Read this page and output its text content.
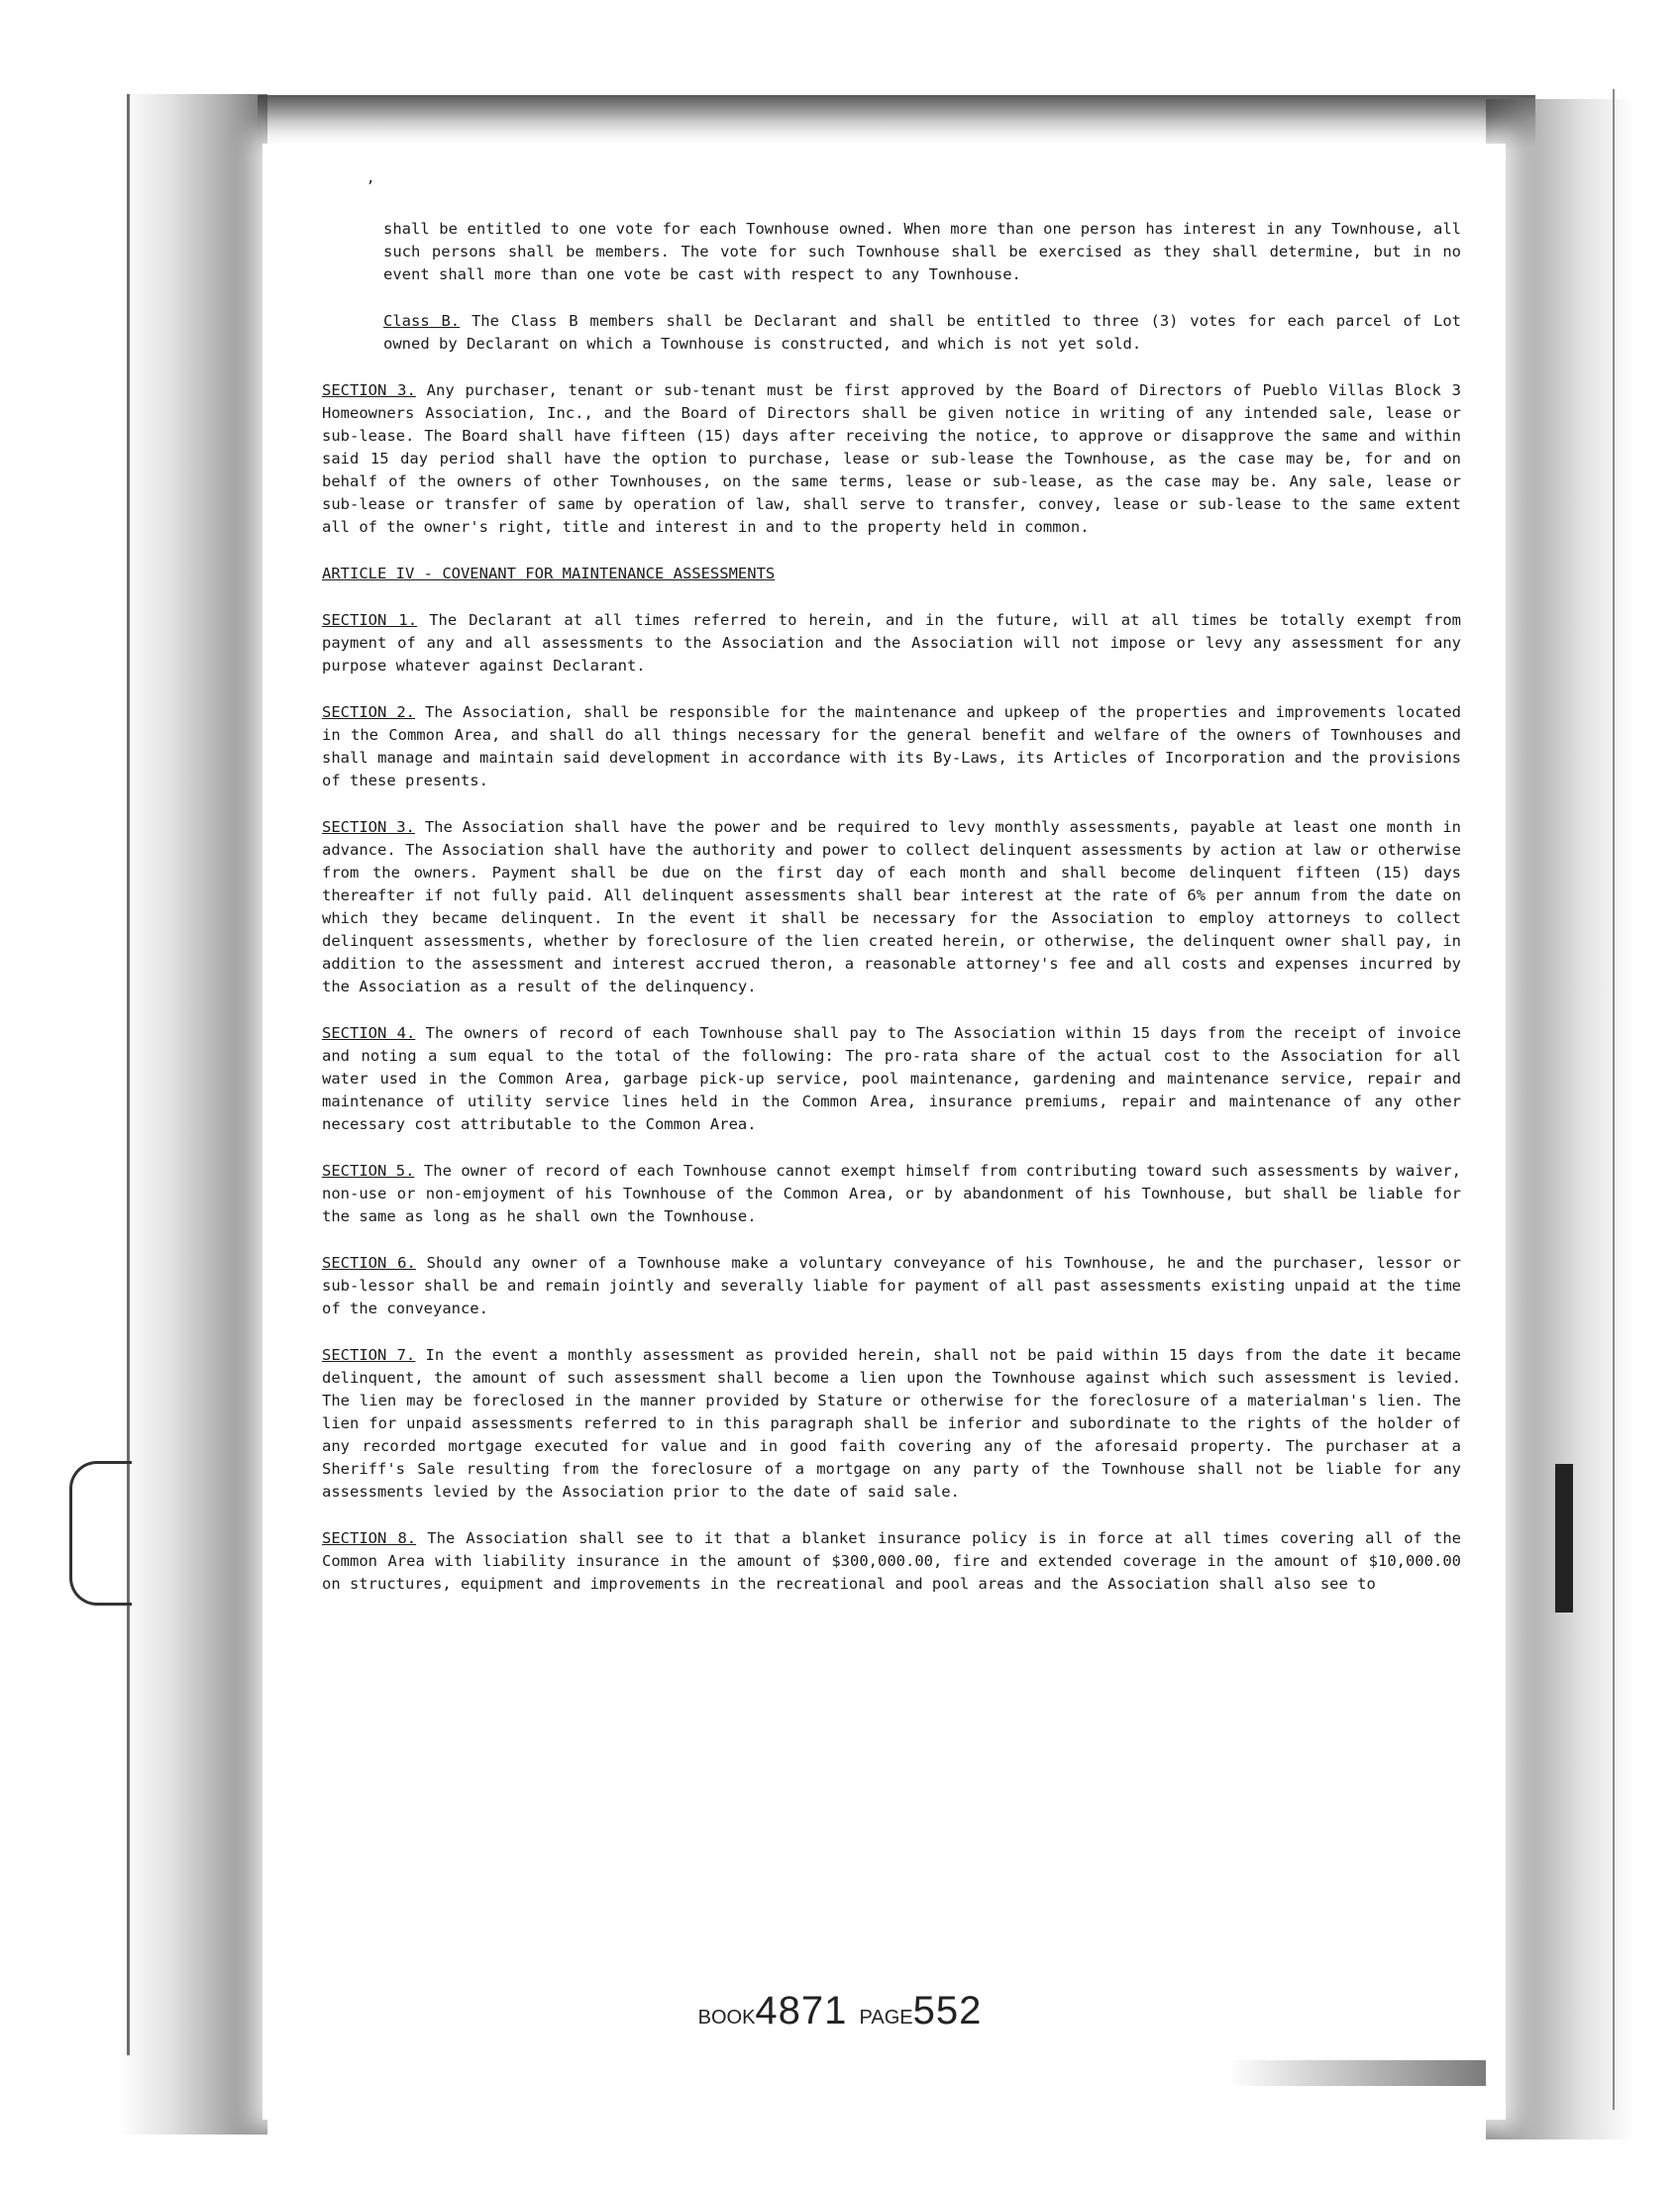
,

shall be entitled to one vote for each Townhouse owned. When more than one person has interest in any Townhouse, all such persons shall be members. The vote for such Townhouse shall be exercised as they shall determine, but in no event shall more than one vote be cast with respect to any Townhouse.

Class B. The Class B members shall be Declarant and shall be entitled to three (3) votes for each parcel of Lot owned by Declarant on which a Townhouse is constructed, and which is not yet sold.

SECTION 3. Any purchaser, tenant or sub-tenant must be first approved by the Board of Directors of Pueblo Villas Block 3 Homeowners Association, Inc., and the Board of Directors shall be given notice in writing of any intended sale, lease or sub-lease. The Board shall have fifteen (15) days after receiving the notice, to approve or disapprove the same and within said 15 day period shall have the option to purchase, lease or sub-lease the Townhouse, as the case may be, for and on behalf of the owners of other Townhouses, on the same terms, lease or sub-lease, as the case may be. Any sale, lease or sub-lease or transfer of same by operation of law, shall serve to transfer, convey, lease or sub-lease to the same extent all of the owner's right, title and interest in and to the property held in common.

ARTICLE IV - COVENANT FOR MAINTENANCE ASSESSMENTS

SECTION 1. The Declarant at all times referred to herein, and in the future, will at all times be totally exempt from payment of any and all assessments to the Association and the Association will not impose or levy any assessment for any purpose whatever against Declarant.

SECTION 2. The Association, shall be responsible for the maintenance and upkeep of the properties and improvements located in the Common Area, and shall do all things necessary for the general benefit and welfare of the owners of Townhouses and shall manage and maintain said development in accordance with its By-Laws, its Articles of Incorporation and the provisions of these presents.

SECTION 3. The Association shall have the power and be required to levy monthly assessments, payable at least one month in advance. The Association shall have the authority and power to collect delinquent assessments by action at law or otherwise from the owners. Payment shall be due on the first day of each month and shall become delinquent fifteen (15) days thereafter if not fully paid. All delinquent assessments shall bear interest at the rate of 6% per annum from the date on which they became delinquent. In the event it shall be necessary for the Association to employ attorneys to collect delinquent assessments, whether by foreclosure of the lien created herein, or otherwise, the delinquent owner shall pay, in addition to the assessment and interest accrued theron, a reasonable attorney's fee and all costs and expenses incurred by the Association as a result of the delinquency.

SECTION 4. The owners of record of each Townhouse shall pay to The Association within 15 days from the receipt of invoice and noting a sum equal to the total of the following: The pro-rata share of the actual cost to the Association for all water used in the Common Area, garbage pick-up service, pool maintenance, gardening and maintenance service, repair and maintenance of utility service lines held in the Common Area, insurance premiums, repair and maintenance of any other necessary cost attributable to the Common Area.

SECTION 5. The owner of record of each Townhouse cannot exempt himself from contributing toward such assessments by waiver, non-use or non-emjoyment of his Townhouse of the Common Area, or by abandonment of his Townhouse, but shall be liable for the same as long as he shall own the Townhouse.

SECTION 6. Should any owner of a Townhouse make a voluntary conveyance of his Townhouse, he and the purchaser, lessor or sub-lessor shall be and remain jointly and severally liable for payment of all past assessments existing unpaid at the time of the conveyance.

SECTION 7. In the event a monthly assessment as provided herein, shall not be paid within 15 days from the date it became delinquent, the amount of such assessment shall become a lien upon the Townhouse against which such assessment is levied. The lien may be foreclosed in the manner provided by Stature or otherwise for the foreclosure of a materialman's lien. The lien for unpaid assessments referred to in this paragraph shall be inferior and subordinate to the rights of the holder of any recorded mortgage executed for value and in good faith covering any of the aforesaid property. The purchaser at a Sheriff's Sale resulting from the foreclosure of a mortgage on any party of the Townhouse shall not be liable for any assessments levied by the Association prior to the date of said sale.

SECTION 8. The Association shall see to it that a blanket insurance policy is in force at all times covering all of the Common Area with liability insurance in the amount of $300,000.00, fire and extended coverage in the amount of $10,000.00 on structures, equipment and improvements in the recreational and pool areas and the Association shall also see to

BOOK4871 PAGE552
